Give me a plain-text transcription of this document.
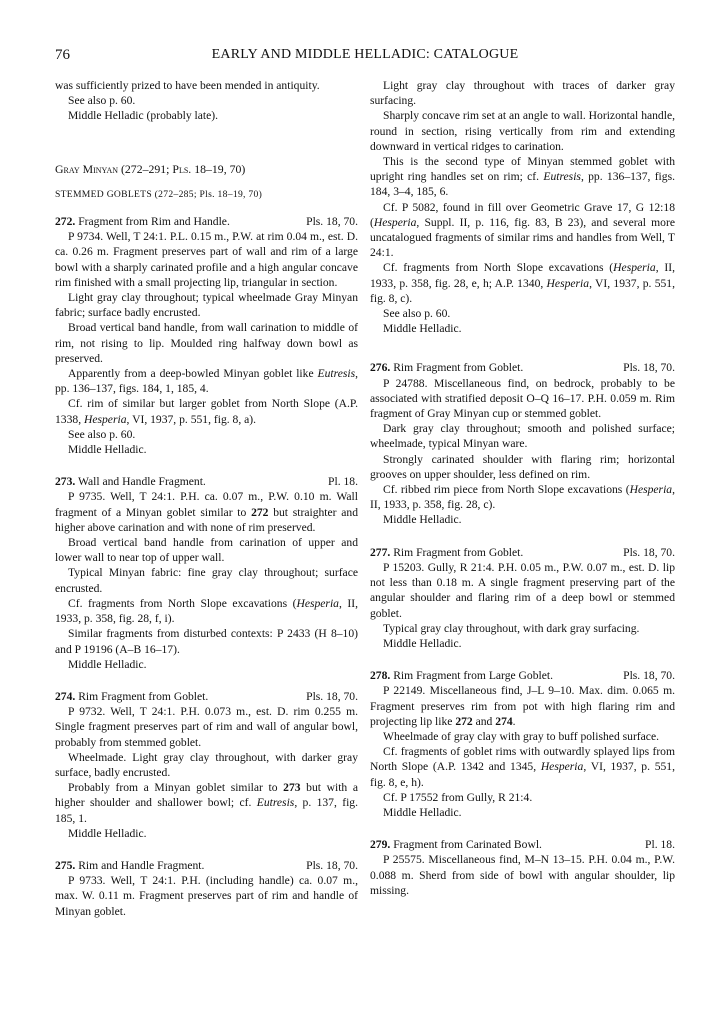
76	EARLY AND MIDDLE HELLADIC: CATALOGUE

was sufficiently prized to have been mended in antiquity.

See also p. 60.

Middle Helladic (probably late).

Gray Minyan (272–291; Pls. 18–19, 70)

STEMMED GOBLETS (272–285; Pls. 18–19, 70)

272. Fragment from Rim and Handle.	Pls. 18, 70.

P 9734. Well, T 24:1. P.L. 0.15 m., P.W. at rim 0.04 m., est. D. ca. 0.26 m. Fragment preserves part of wall and rim of a large bowl with a sharply carinated profile and a high angular concave rim finished with a small projecting lip, triangular in section.

Light gray clay throughout; typical wheelmade Gray Minyan fabric; surface badly encrusted.

Broad vertical band handle, from wall carination to middle of rim, not rising to lip. Moulded ring halfway down bowl as preserved.

Apparently from a deep-bowled Minyan goblet like Eutresis, pp. 136–137, figs. 184, 1, 185, 4.

Cf. rim of similar but larger goblet from North Slope (A.P. 1338, Hesperia, VI, 1937, p. 551, fig. 8, a).

See also p. 60.

Middle Helladic.

273. Wall and Handle Fragment.	Pl. 18.

P 9735. Well, T 24:1. P.H. ca. 0.07 m., P.W. 0.10 m. Wall fragment of a Minyan goblet similar to 272 but straighter and higher above carination and with none of rim preserved.

Broad vertical band handle from carination of upper and lower wall to near top of upper wall.

Typical Minyan fabric: fine gray clay throughout; surface encrusted.

Cf. fragments from North Slope excavations (Hesperia, II, 1933, p. 358, fig. 28, f, i).

Similar fragments from disturbed contexts: P 2433 (H 8–10) and P 19196 (A–B 16–17).

Middle Helladic.

274. Rim Fragment from Goblet.	Pls. 18, 70.

P 9732. Well, T 24:1. P.H. 0.073 m., est. D. rim 0.255 m. Single fragment preserves part of rim and wall of angular bowl, probably from stemmed goblet.

Wheelmade. Light gray clay throughout, with darker gray surface, badly encrusted.

Probably from a Minyan goblet similar to 273 but with a higher shoulder and shallower bowl; cf. Eutresis, p. 137, fig. 185, 1.

Middle Helladic.

275. Rim and Handle Fragment.	Pls. 18, 70.

P 9733. Well, T 24:1. P.H. (including handle) ca. 0.07 m., max. W. 0.11 m. Fragment preserves part of rim and handle of Minyan goblet.

Light gray clay throughout with traces of darker gray surfacing.

Sharply concave rim set at an angle to wall. Horizontal handle, round in section, rising vertically from rim and extending downward in vertical ridges to carination.

This is the second type of Minyan stemmed goblet with upright ring handles set on rim; cf. Eutresis, pp. 136–137, figs. 184, 3–4, 185, 6.

Cf. P 5082, found in fill over Geometric Grave 17, G 12:18 (Hesperia, Suppl. II, p. 116, fig. 83, B 23), and several more uncatalogued fragments of similar rims and handles from Well, T 24:1.

Cf. fragments from North Slope excavations (Hesperia, II, 1933, p. 358, fig. 28, e, h; A.P. 1340, Hesperia, VI, 1937, p. 551, fig. 8, c).

See also p. 60.

Middle Helladic.

276. Rim Fragment from Goblet.	Pls. 18, 70.

P 24788. Miscellaneous find, on bedrock, probably to be associated with stratified deposit O–Q 16–17. P.H. 0.059 m. Rim fragment of Gray Minyan cup or stemmed goblet.

Dark gray clay throughout; smooth and polished surface; wheelmade, typical Minyan ware.

Strongly carinated shoulder with flaring rim; horizontal grooves on upper shoulder, less defined on rim.

Cf. ribbed rim piece from North Slope excavations (Hesperia, II, 1933, p. 358, fig. 28, c).

Middle Helladic.

277. Rim Fragment from Goblet.	Pls. 18, 70.

P 15203. Gully, R 21:4. P.H. 0.05 m., P.W. 0.07 m., est. D. lip not less than 0.18 m. A single fragment preserving part of the angular shoulder and flaring rim of a deep bowl or stemmed goblet.

Typical gray clay throughout, with dark gray surfacing.

Middle Helladic.

278. Rim Fragment from Large Goblet.	Pls. 18, 70.

P 22149. Miscellaneous find, J–L 9–10. Max. dim. 0.065 m. Fragment preserves rim from pot with high flaring rim and projecting lip like 272 and 274.

Wheelmade of gray clay with gray to buff polished surface.

Cf. fragments of goblet rims with outwardly splayed lips from North Slope (A.P. 1342 and 1345, Hesperia, VI, 1937, p. 551, fig. 8, e, h).

Cf. P 17552 from Gully, R 21:4.

Middle Helladic.

279. Fragment from Carinated Bowl.	Pl. 18.

P 25575. Miscellaneous find, M–N 13–15. P.H. 0.04 m., P.W. 0.088 m. Sherd from side of bowl with angular shoulder, lip missing.
